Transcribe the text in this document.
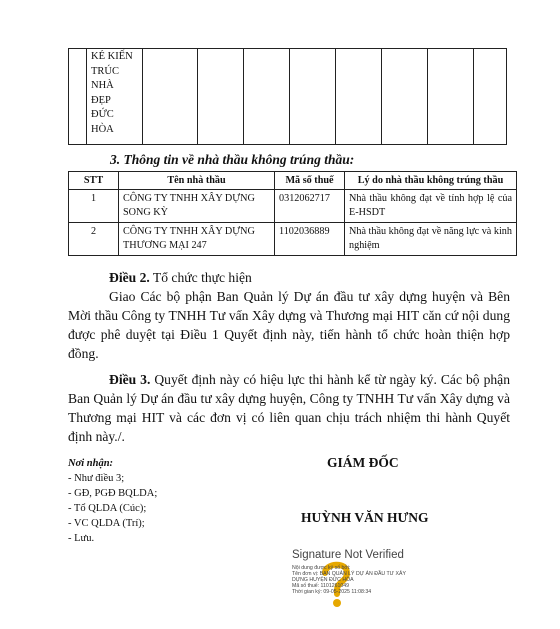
KÉ KIẾN
TRÚC
NHÀ
ĐẸP
ĐỨC
HÒA

3. Thông tin về nhà thầu không trúng thầu:

STT	Tên nhà thầu	Mã số thuế	Lý do nhà thầu không trúng thầu
1	CÔNG TY TNHH XÂY DỰNG SONG KỲ	0312062717	Nhà thầu không đạt về tính hợp lệ của E-HSDT
2	CÔNG TY TNHH XÂY DỰNG THƯƠNG MẠI 247	1102036889	Nhà thầu không đạt về năng lực và kinh nghiệm

Điều 2. Tổ chức thực hiện

Giao Các bộ phận Ban Quản lý Dự án đầu tư xây dựng huyện và Bên Mời thầu Công ty TNHH Tư vấn Xây dựng và Thương mại HIT căn cứ nội dung được phê duyệt tại Điều 1 Quyết định này, tiến hành tổ chức hoàn thiện hợp đồng.

Điều 3. Quyết định này có hiệu lực thi hành kể từ ngày ký. Các bộ phận Ban Quản lý Dự án đầu tư xây dựng huyện, Công ty TNHH Tư vấn Xây dựng và Thương mại HIT và các đơn vị có liên quan chịu trách nhiệm thi hành Quyết định này./.

Nơi nhận:
- Như điều 3;
- GĐ, PGĐ BQLDA;
- Tổ QLDA (Cúc);
- VC QLDA (Trí);
- Lưu.
GIÁM ĐỐC
HUỲNH VĂN HƯNG
Signature Not Verified
Nội dung được ký số bởi:
Tên đơn vị: BAN QUẢN LÝ DỰ ÁN ĐẦU TƯ XÂY
DỰNG HUYỆN ĐỨC HÒA
Mã số thuế: 1101261049
Thời gian ký: 09-05-2025 11:08:34
